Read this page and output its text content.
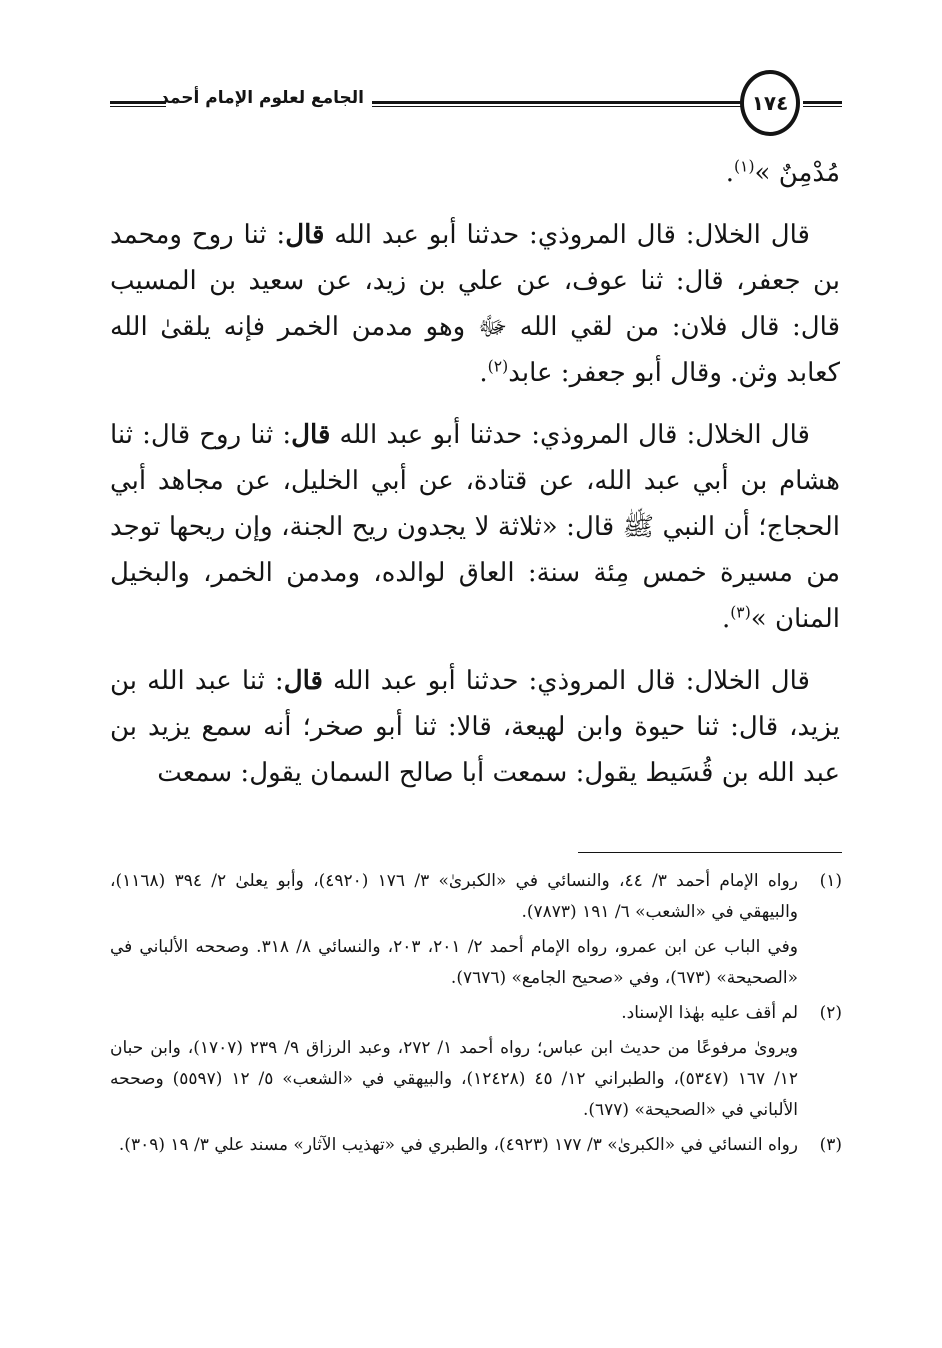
الجامع لعلوم الإمام أحمد	١٧٤

مُدْمِنٌ »$^{(١)}$.

قال الخلال: قال المروذي: حدثنا أبو عبد الله قال: ثنا روح ومحمد بن جعفر، قال: ثنا عوف، عن علي بن زيد، عن سعيد بن المسيب قال: قال فلان: من لقي الله ﷻ وهو مدمن الخمر فإنه يلقىٰ الله كعابد وثن. وقال أبو جعفر: عابد$^{(٢)}$.

قال الخلال: قال المروذي: حدثنا أبو عبد الله قال: ثنا روح قال: ثنا هشام بن أبي عبد الله، عن قتادة، عن أبي الخليل، عن مجاهد أبي الحجاج؛ أن النبي ﷺ قال: «ثلاثة لا يجدون ريح الجنة، وإن ريحها توجد من مسيرة خمس مِئة سنة: العاق لوالده، ومدمن الخمر، والبخيل المنان »$^{(٣)}$.

قال الخلال: قال المروذي: حدثنا أبو عبد الله قال: ثنا عبد الله بن يزيد، قال: ثنا حيوة وابن لهيعة، قالا: ثنا أبو صخر؛ أنه سمع يزيد بن عبد الله بن قُسَيط يقول: سمعت أبا صالح السمان يقول: سمعت

(١)

رواه الإمام أحمد ٣/ ٤٤، والنسائي في «الكبرىٰ» ٣/ ١٧٦ (٤٩٢٠)، وأبو يعلىٰ ٢/ ٣٩٤ (١١٦٨)، والبيهقي في «الشعب» ٦/ ١٩١ (٧٨٧٣).

وفي الباب عن ابن عمرو، رواه الإمام أحمد ٢/ ٢٠١، ٢٠٣، والنسائي ٨/ ٣١٨. وصححه الألباني في «الصحيحة» (٦٧٣)، وفي «صحيح الجامع» (٧٦٧٦).

(٢)

لم أقف عليه بهٰذا الإسناد.

ويروىٰ مرفوعًا من حديث ابن عباس؛ رواه أحمد ١/ ٢٧٢، وعبد الرزاق ٩/ ٢٣٩ (١٧٠٧)، وابن حبان ١٢/ ١٦٧ (٥٣٤٧)، والطبراني ١٢/ ٤٥ (١٢٤٢٨)، والبيهقي في «الشعب» ٥/ ١٢ (٥٥٩٧) وصححه الألباني في «الصحيحة» (٦٧٧).

(٣)

رواه النسائي في «الكبرىٰ» ٣/ ١٧٧ (٤٩٢٣)، والطبري في «تهذيب الآثار» مسند علي ٣/ ١٩ (٣٠٩).
